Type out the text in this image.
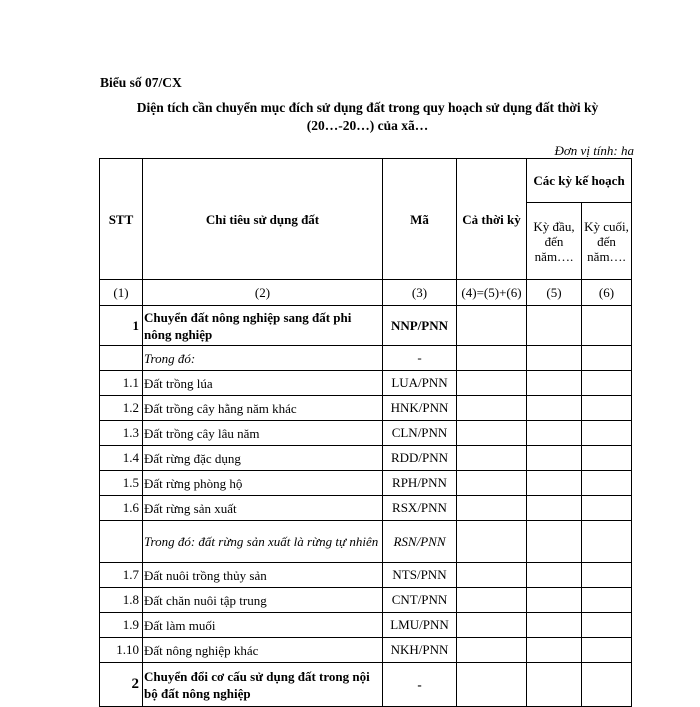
Biểu số 07/CX
Diện tích cần chuyển mục đích sử dụng đất trong quy hoạch sử dụng đất thời kỳ
(20…-20…) của xã…
Đơn vị tính: ha
STT	Chỉ tiêu sử dụng đất	Mã	Cả thời kỳ	Các kỳ kế hoạch	
				Kỳ đầu, đến năm….	Kỳ cuối, đến năm….
(1)	(2)	(3)	(4)=(5)+(6)	(5)	(6)
1	Chuyển đất nông nghiệp sang đất phi nông nghiệp	NNP/PNN			
	Trong đó:	-			
1.1	Đất trồng lúa	LUA/PNN			
1.2	Đất trồng cây hằng năm khác	HNK/PNN			
1.3	Đất trồng cây lâu năm	CLN/PNN			
1.4	Đất rừng đặc dụng	RDD/PNN			
1.5	Đất rừng phòng hộ	RPH/PNN			
1.6	Đất rừng sản xuất	RSX/PNN			
	Trong đó: đất rừng sản xuất là rừng tự nhiên	RSN/PNN			
1.7	Đất nuôi trồng thủy sản	NTS/PNN			
1.8	Đất chăn nuôi tập trung	CNT/PNN			
1.9	Đất làm muối	LMU/PNN			
1.10	Đất nông nghiệp khác	NKH/PNN			
2	Chuyển đổi cơ cấu sử dụng đất trong nội bộ đất nông nghiệp	-			
